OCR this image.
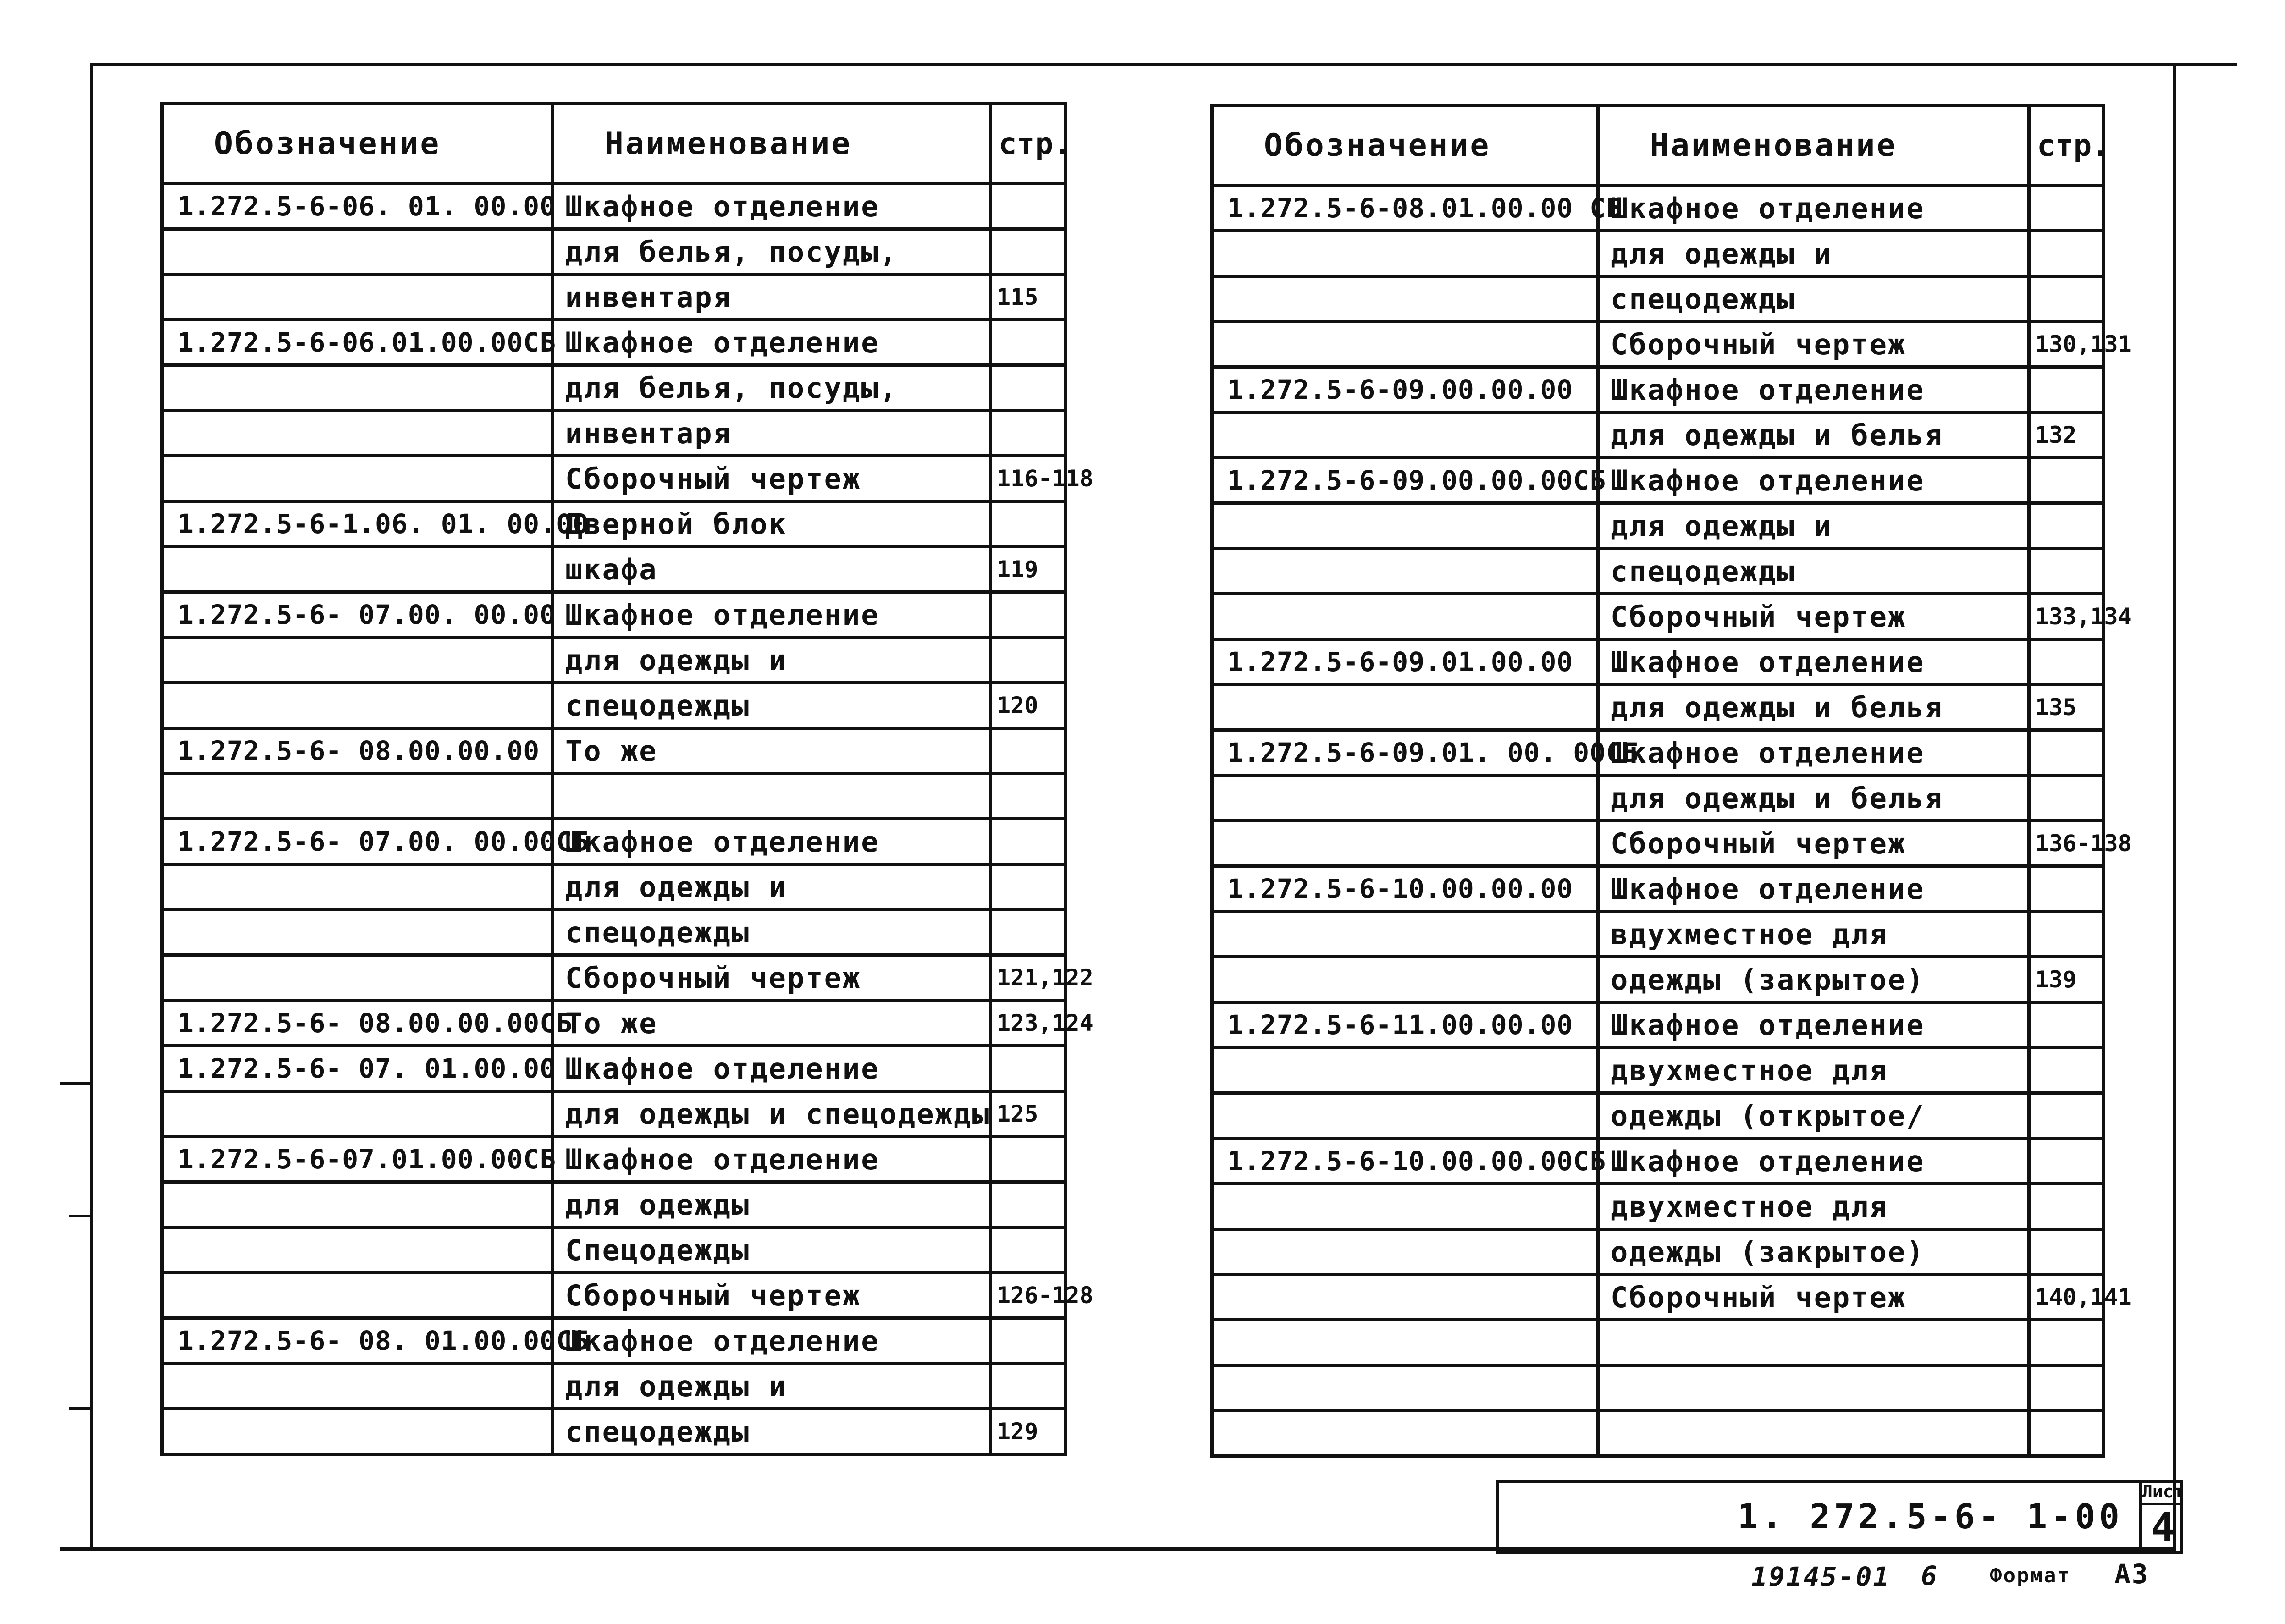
Обозначение	Наименование	стр.
1.272.5-6-06. 01. 00.00	Шкафное отделение	
	для белья, посуды,	
	инвентаря	115
1.272.5-6-06.01.00.00СБ	Шкафное отделение	
	для белья, посуды,	
	инвентаря	
	Сборочный чертеж	116-118
1.272.5-6-1.06. 01. 00.00	Дверной блок	
	шкафа	119
1.272.5-6- 07.00. 00.00	Шкафное отделение	
	для одежды и	
	спецодежды	120
1.272.5-6- 08.00.00.00	То же	

1.272.5-6- 07.00. 00.00СБ	Шкафное отделение	
	для одежды и	
	спецодежды	
	Сборочный чертеж	121,122
1.272.5-6- 08.00.00.00СБ	То же	123,124
1.272.5-6- 07. 01.00.00	Шкафное отделение	
	для одежды и спецодежды	125
1.272.5-6-07.01.00.00СБ	Шкафное отделение	
	для одежды	
	Спецодежды	
	Сборочный чертеж	126-128
1.272.5-6- 08. 01.00.00СБ	Шкафное отделение	
	для одежды и	
	спецодежды	129
Обозначение	Наименование	стр.
1.272.5-6-08.01.00.00 СБ	Шкафное отделение	
	для одежды и	
	спецодежды	
	Сборочный чертеж	130,131
1.272.5-6-09.00.00.00	Шкафное отделение	
	для одежды и белья	132
1.272.5-6-09.00.00.00СБ	Шкафное отделение	
	для одежды и	
	спецодежды	
	Сборочный чертеж	133,134
1.272.5-6-09.01.00.00	Шкафное отделение	
	для одежды и белья	135
1.272.5-6-09.01. 00. 00СБ	Шкафное отделение	
	для одежды и белья	
	Сборочный чертеж	136-138
1.272.5-6-10.00.00.00	Шкафное отделение	
	вдухместное для	
	одежды (закрытое)	139
1.272.5-6-11.00.00.00	Шкафное отделение	
	двухместное для	
	одежды (открытое/	
1.272.5-6-10.00.00.00СБ	Шкафное отделение	
	двухместное для	
	одежды (закрытое)	
	Сборочный чертеж	140,141

1. 272.5-6- 1-00
Лист
4
19145-01 6	Формат А3
